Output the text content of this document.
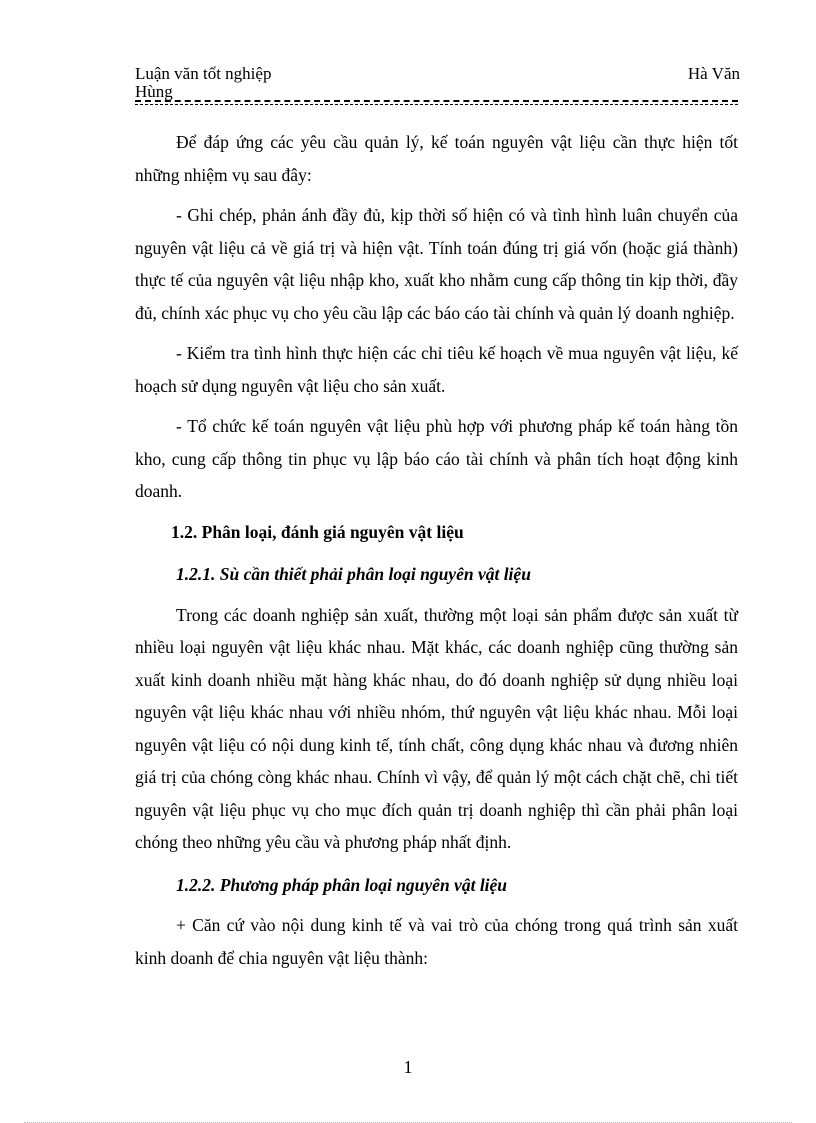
Luận văn tốt nghiệp	Hà Văn
Hùng

Để đáp ứng các yêu cầu quản lý, kế toán nguyên vật liệu cần thực hiện tốt những nhiệm vụ sau đây:

- Ghi chép, phản ánh đầy đủ, kịp thời số hiện có và tình hình luân chuyển của nguyên vật liệu cả về giá trị và hiện vật. Tính toán đúng trị giá vốn (hoặc giá thành) thực tế của nguyên vật liệu nhập kho, xuất kho nhằm cung cấp thông tin kịp thời, đầy đủ, chính xác phục vụ cho yêu cầu lập các báo cáo tài chính và quản lý doanh nghiệp.

- Kiểm tra tình hình thực hiện các chỉ tiêu kế hoạch về mua nguyên vật liệu, kế hoạch sử dụng nguyên vật liệu cho sản xuất.

- Tổ chức kế toán nguyên vật liệu phù hợp với phương pháp kế toán hàng tồn kho, cung cấp thông tin phục vụ lập báo cáo tài chính và phân tích hoạt động kinh doanh.

1.2. Phân loại, đánh giá nguyên vật liệu
1.2.1. Sù cần thiết phải phân loại nguyên vật liệu

Trong các doanh nghiệp sản xuất, thường một loại sản phẩm được sản xuất từ nhiều loại nguyên vật liệu khác nhau. Mặt khác, các doanh nghiệp cũng thường sản xuất kinh doanh nhiều mặt hàng khác nhau, do đó doanh nghiệp sử dụng nhiều loại nguyên vật liệu khác nhau với nhiều nhóm, thứ nguyên vật liệu khác nhau. Mỗi loại nguyên vật liệu có nội dung kinh tế, tính chất, công dụng khác nhau và đương nhiên giá trị của chóng còng khác nhau. Chính vì vậy, để quản lý một cách chặt chẽ, chi tiết nguyên vật liệu phục vụ cho mục đích quản trị doanh nghiệp thì cần phải phân loại chóng theo những yêu cầu và phương pháp nhất định.

1.2.2. Phương pháp phân loại nguyên vật liệu

+ Căn cứ vào nội dung kinh tế và vai trò của chóng trong quá trình sản xuất kinh doanh để chia nguyên vật liệu thành:

1
